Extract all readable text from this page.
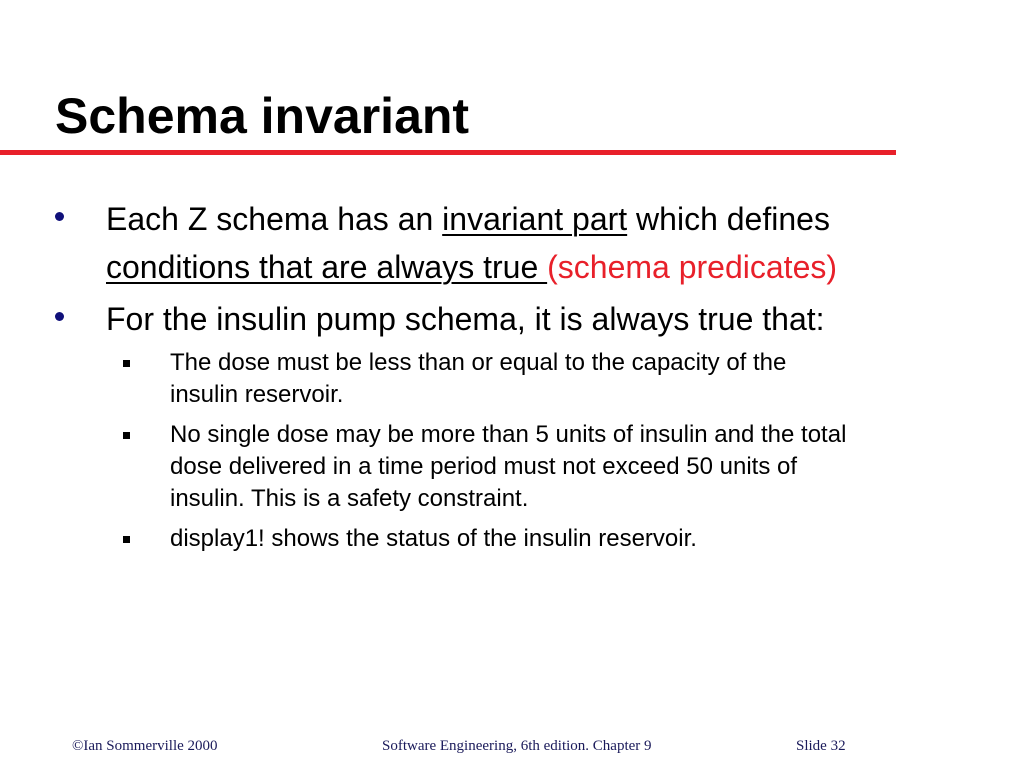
Schema invariant
Each Z schema has an invariant part which defines conditions that are always true (schema predicates)
For the insulin pump schema, it is always true that:
The dose must be less than or equal to the capacity of the insulin reservoir.
No single dose may be more than 5 units of insulin and the total dose delivered in a time period must not exceed 50 units of insulin. This is a safety constraint.
display1! shows the status of the insulin reservoir.
©Ian Sommerville 2000	Software Engineering, 6th edition. Chapter 9	Slide 32
